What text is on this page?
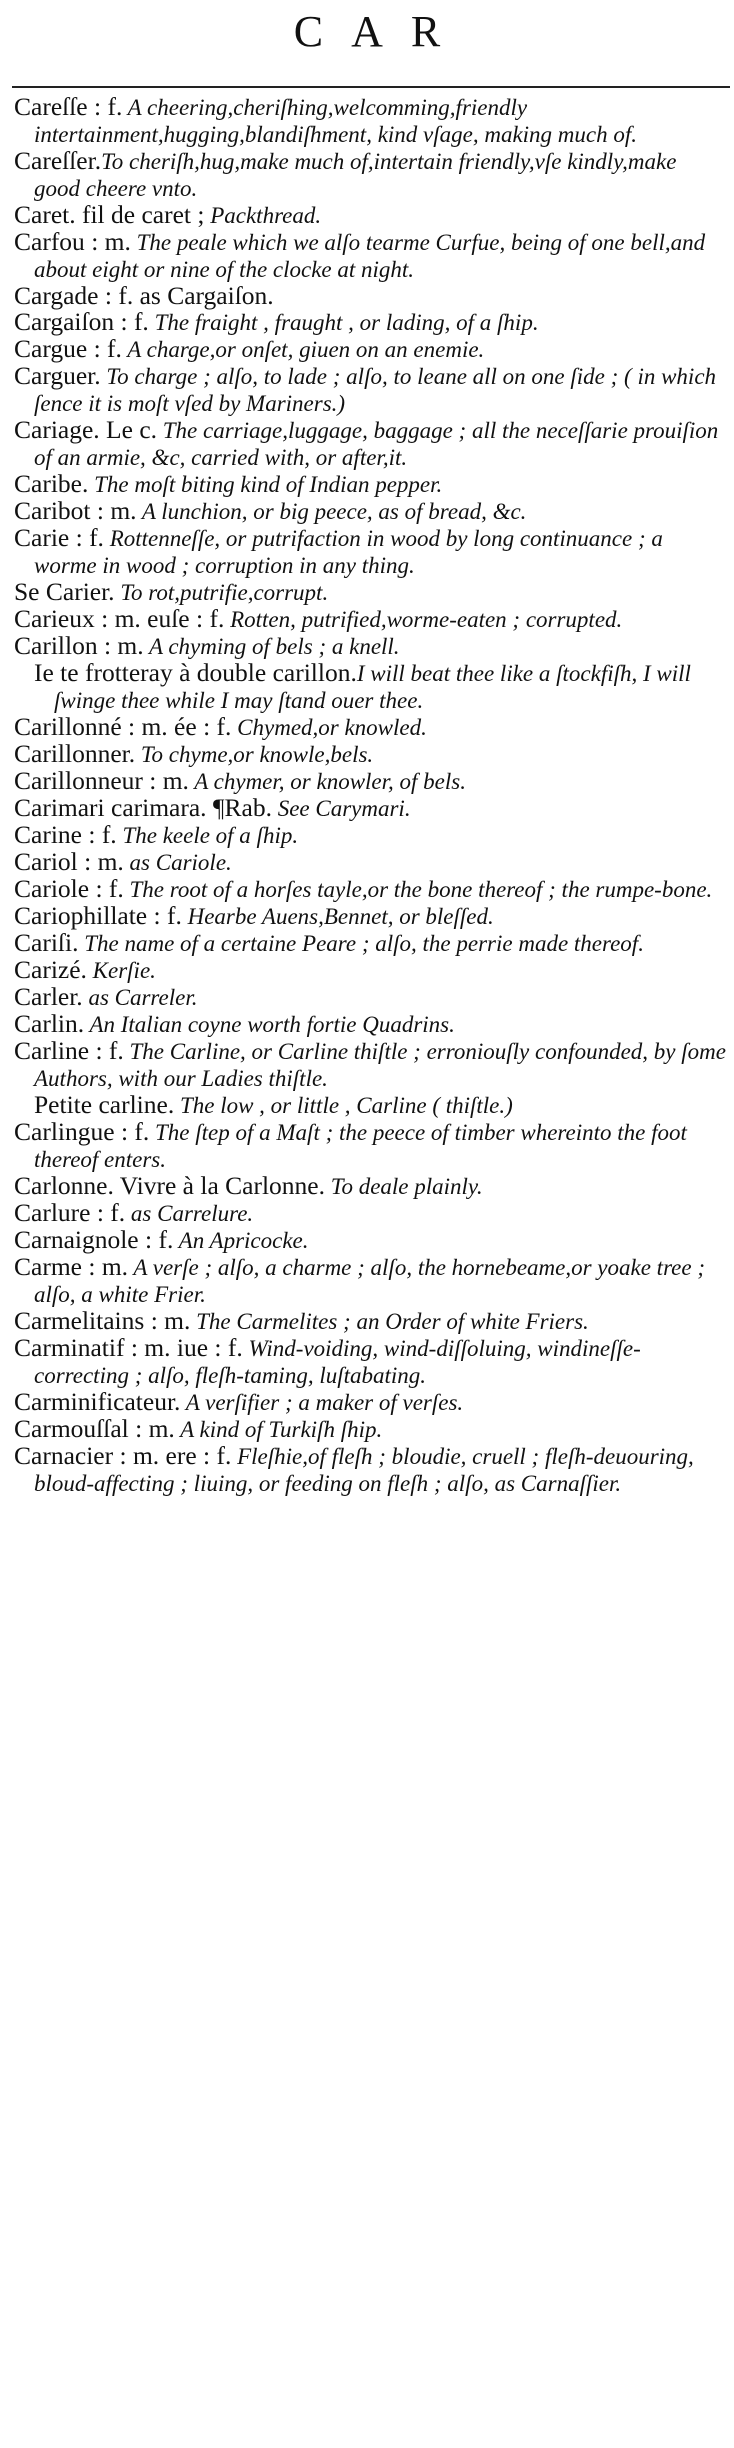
CAR

Careſſe : f. A cheering,cheriſhing,welcomming,friendly intertainment,hugging,blandiſhment, kind vſage, making much of.

Careſſer.To cheriſh,hug,make much of,intertain friendly,vſe kindly,make good cheere vnto.

Caret. fil de caret ; Packthread.

Carfou : m. The peale which we alſo tearme Curfue, being of one bell,and about eight or nine of the clocke at night.

Cargade : f. as Cargaiſon.

Cargaiſon : f. The fraight , fraught , or lading, of a ſhip.

Cargue : f. A charge,or onſet, giuen on an enemie.

Carguer. To charge ; alſo, to lade ; alſo, to leane all on one ſide ; ( in which ſence it is moſt vſed by Mariners.)

Cariage. Le c. The carriage,luggage, baggage ; all the neceſſarie prouiſion of an armie, &c, carried with, or after,it.

Caribe. The moſt biting kind of Indian pepper.

Caribot : m. A lunchion, or big peece, as of bread, &c.

Carie : f. Rottenneſſe, or putrifaction in wood by long continuance ; a worme in wood ; corruption in any thing.

Se Carier. To rot,putrifie,corrupt.

Carieux : m. euſe : f. Rotten, putrified,worme-eaten ; corrupted.

Carillon : m. A chyming of bels ; a knell.

Ie te frotteray à double carillon.I will beat thee like a ſtockfiſh, I will ſwinge thee while I may ſtand ouer thee.

Carillonné : m. ée : f. Chymed,or knowled.

Carillonner. To chyme,or knowle,bels.

Carillonneur : m. A chymer, or knowler, of bels.

Carimari carimara. ¶Rab. See Carymari.

Carine : f. The keele of a ſhip.

Cariol : m. as Cariole.

Cariole : f. The root of a horſes tayle,or the bone thereof ; the rumpe-bone.

Cariophillate : f. Hearbe Auens,Bennet, or bleſſed.

Cariſi. The name of a certaine Peare ; alſo, the perrie made thereof.

Carizé. Kerſie.

Carler. as Carreler.

Carlin. An Italian coyne worth fortie Quadrins.

Carline : f. The Carline, or Carline thiſtle ; erroniouſly confounded, by ſome Authors, with our Ladies thiſtle.

Petite carline. The low , or little , Carline ( thiſtle.)

Carlingue : f. The ſtep of a Maſt ; the peece of timber whereinto the foot thereof enters.

Carlonne. Vivre à la Carlonne. To deale plainly.

Carlure : f. as Carrelure.

Carnaignole : f. An Apricocke.

Carme : m. A verſe ; alſo, a charme ; alſo, the hornebeame,or yoake tree ; alſo, a white Frier.

Carmelitains : m. The Carmelites ; an Order of white Friers.

Carminatif : m. iue : f. Wind-voiding, wind-diſſoluing, windineſſe-correcting ; alſo, fleſh-taming, luſtabating.

Carminificateur. A verſifier ; a maker of verſes.

Carmouſſal : m. A kind of Turkiſh ſhip.

Carnacier : m. ere : f. Fleſhie,of fleſh ; bloudie, cruell ; fleſh-deuouring, bloud-affecting ; liuing, or feeding on fleſh ; alſo, as Carnaſſier.
